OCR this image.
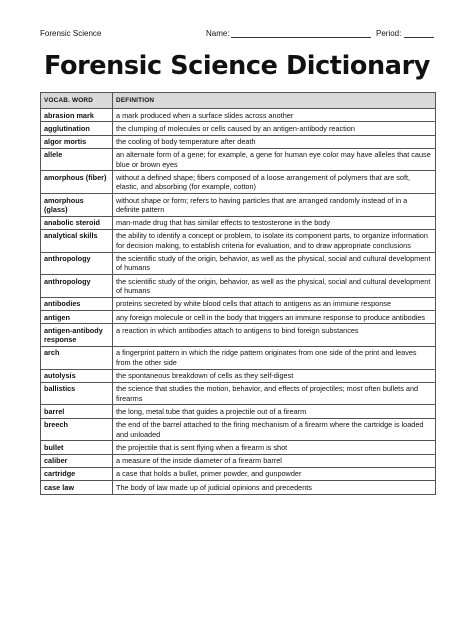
Forensic Science	Name:	Period:
Forensic Science Dictionary
VOCAB. WORD	DEFINITION
abrasion mark	a mark produced when a surface slides across another
agglutination	the clumping of molecules or cells caused by an antigen-antibody reaction
algor mortis	the cooling of body temperature after death
allele	an alternate form of a gene; for example, a gene for human eye color may have alleles that cause blue or brown eyes
amorphous (fiber)	without a defined shape; fibers composed of a loose arrangement of polymers that are soft, elastic, and absorbing (for example, cotton)
amorphous (glass)	without shape or form; refers to having particles that are arranged randomly instead of in a definite pattern
anabolic steroid	man-made drug that has similar effects to testosterone in the body
analytical skills	the ability to identify a concept or problem, to isolate its component parts, to organize information for decision making, to establish criteria for evaluation, and to draw appropriate conclusions
anthropology	the scientific study of the origin, behavior, as well as the physical, social and cultural development of humans
anthropology	the scientific study of the origin, behavior, as well as the physical, social and cultural development of humans
antibodies	proteins secreted by white blood cells that attach to antigens as an immune response
antigen	any foreign molecule or cell in the body that triggers an immune response to produce antibodies
antigen-antibody response	a reaction in which antibodies attach to antigens to bind foreign substances
arch	a fingerprint pattern in which the ridge pattern originates from one side of the print and leaves from the other side
autolysis	the spontaneous breakdown of cells as they self-digest
ballistics	the science that studies the motion, behavior, and effects of projectiles; most often bullets and firearms
barrel	the long, metal tube that guides a projectile out of a firearm
breech	the end of the barrel attached to the firing mechanism of a firearm where the cartridge is loaded and unloaded
bullet	the projectile that is sent flying when a firearm is shot
caliber	a measure of the inside diameter of a firearm barrel
cartridge	a case that holds a bullet, primer powder, and gunpowder
case law	The body of law made up of judicial opinions and precedents
